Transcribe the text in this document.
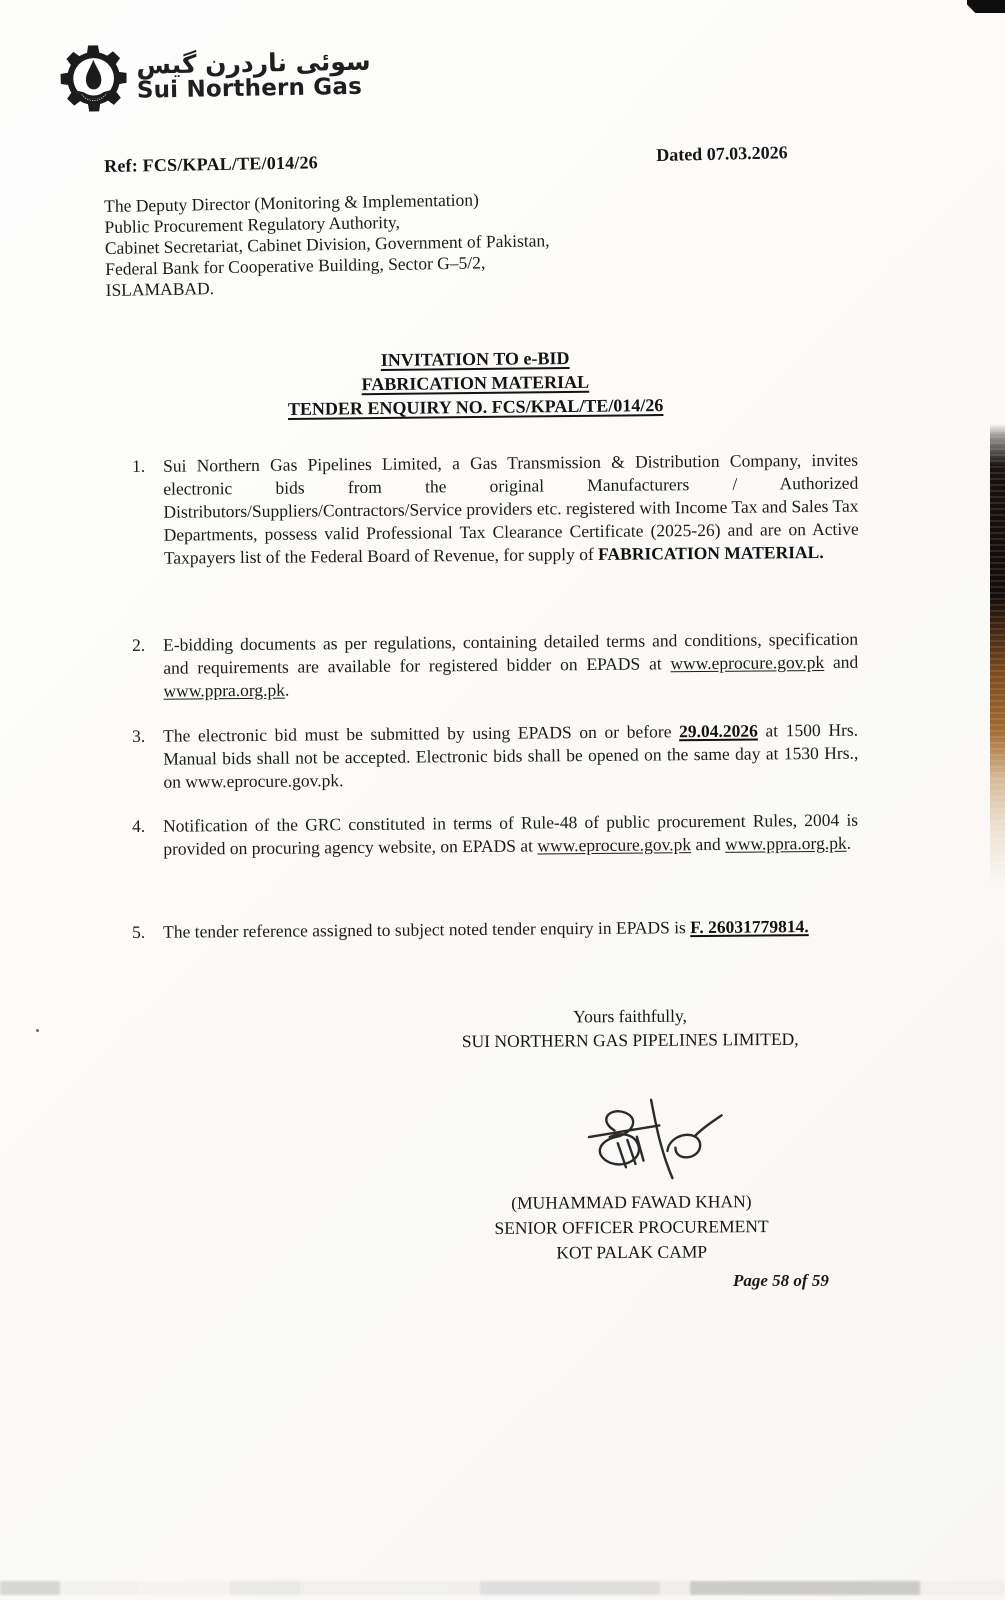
سوئی ناردرن گیس
Sui Northern Gas
Ref: FCS/KPAL/TE/014/26	Dated 07.03.2026
The Deputy Director (Monitoring & Implementation)
Public Procurement Regulatory Authority,
Cabinet Secretariat, Cabinet Division, Government of Pakistan,
Federal Bank for Cooperative Building, Sector G–5/2,
ISLAMABAD.
INVITATION TO e-BID
FABRICATION MATERIAL
TENDER ENQUIRY NO. FCS/KPAL/TE/014/26
1.	Sui Northern Gas Pipelines Limited, a Gas Transmission & Distribution Company, invites electronic bids from the original Manufacturers / Authorized Distributors/Suppliers/Contractors/Service providers etc. registered with Income Tax and Sales Tax Departments, possess valid Professional Tax Clearance Certificate (2025-26) and are on Active Taxpayers list of the Federal Board of Revenue, for supply of FABRICATION MATERIAL.
2.	E-bidding documents as per regulations, containing detailed terms and conditions, specification and requirements are available for registered bidder on EPADS at www.eprocure.gov.pk and www.ppra.org.pk.
3.	The electronic bid must be submitted by using EPADS on or before 29.04.2026 at 1500 Hrs. Manual bids shall not be accepted. Electronic bids shall be opened on the same day at 1530 Hrs., on www.eprocure.gov.pk.
4.	Notification of the GRC constituted in terms of Rule-48 of public procurement Rules, 2004 is provided on procuring agency website, on EPADS at www.eprocure.gov.pk and www.ppra.org.pk.
5.	The tender reference assigned to subject noted tender enquiry in EPADS is F. 26031779814.
Yours faithfully,
SUI NORTHERN GAS PIPELINES LIMITED,
(MUHAMMAD FAWAD KHAN)
SENIOR OFFICER PROCUREMENT
KOT PALAK CAMP
Page 58 of 59
